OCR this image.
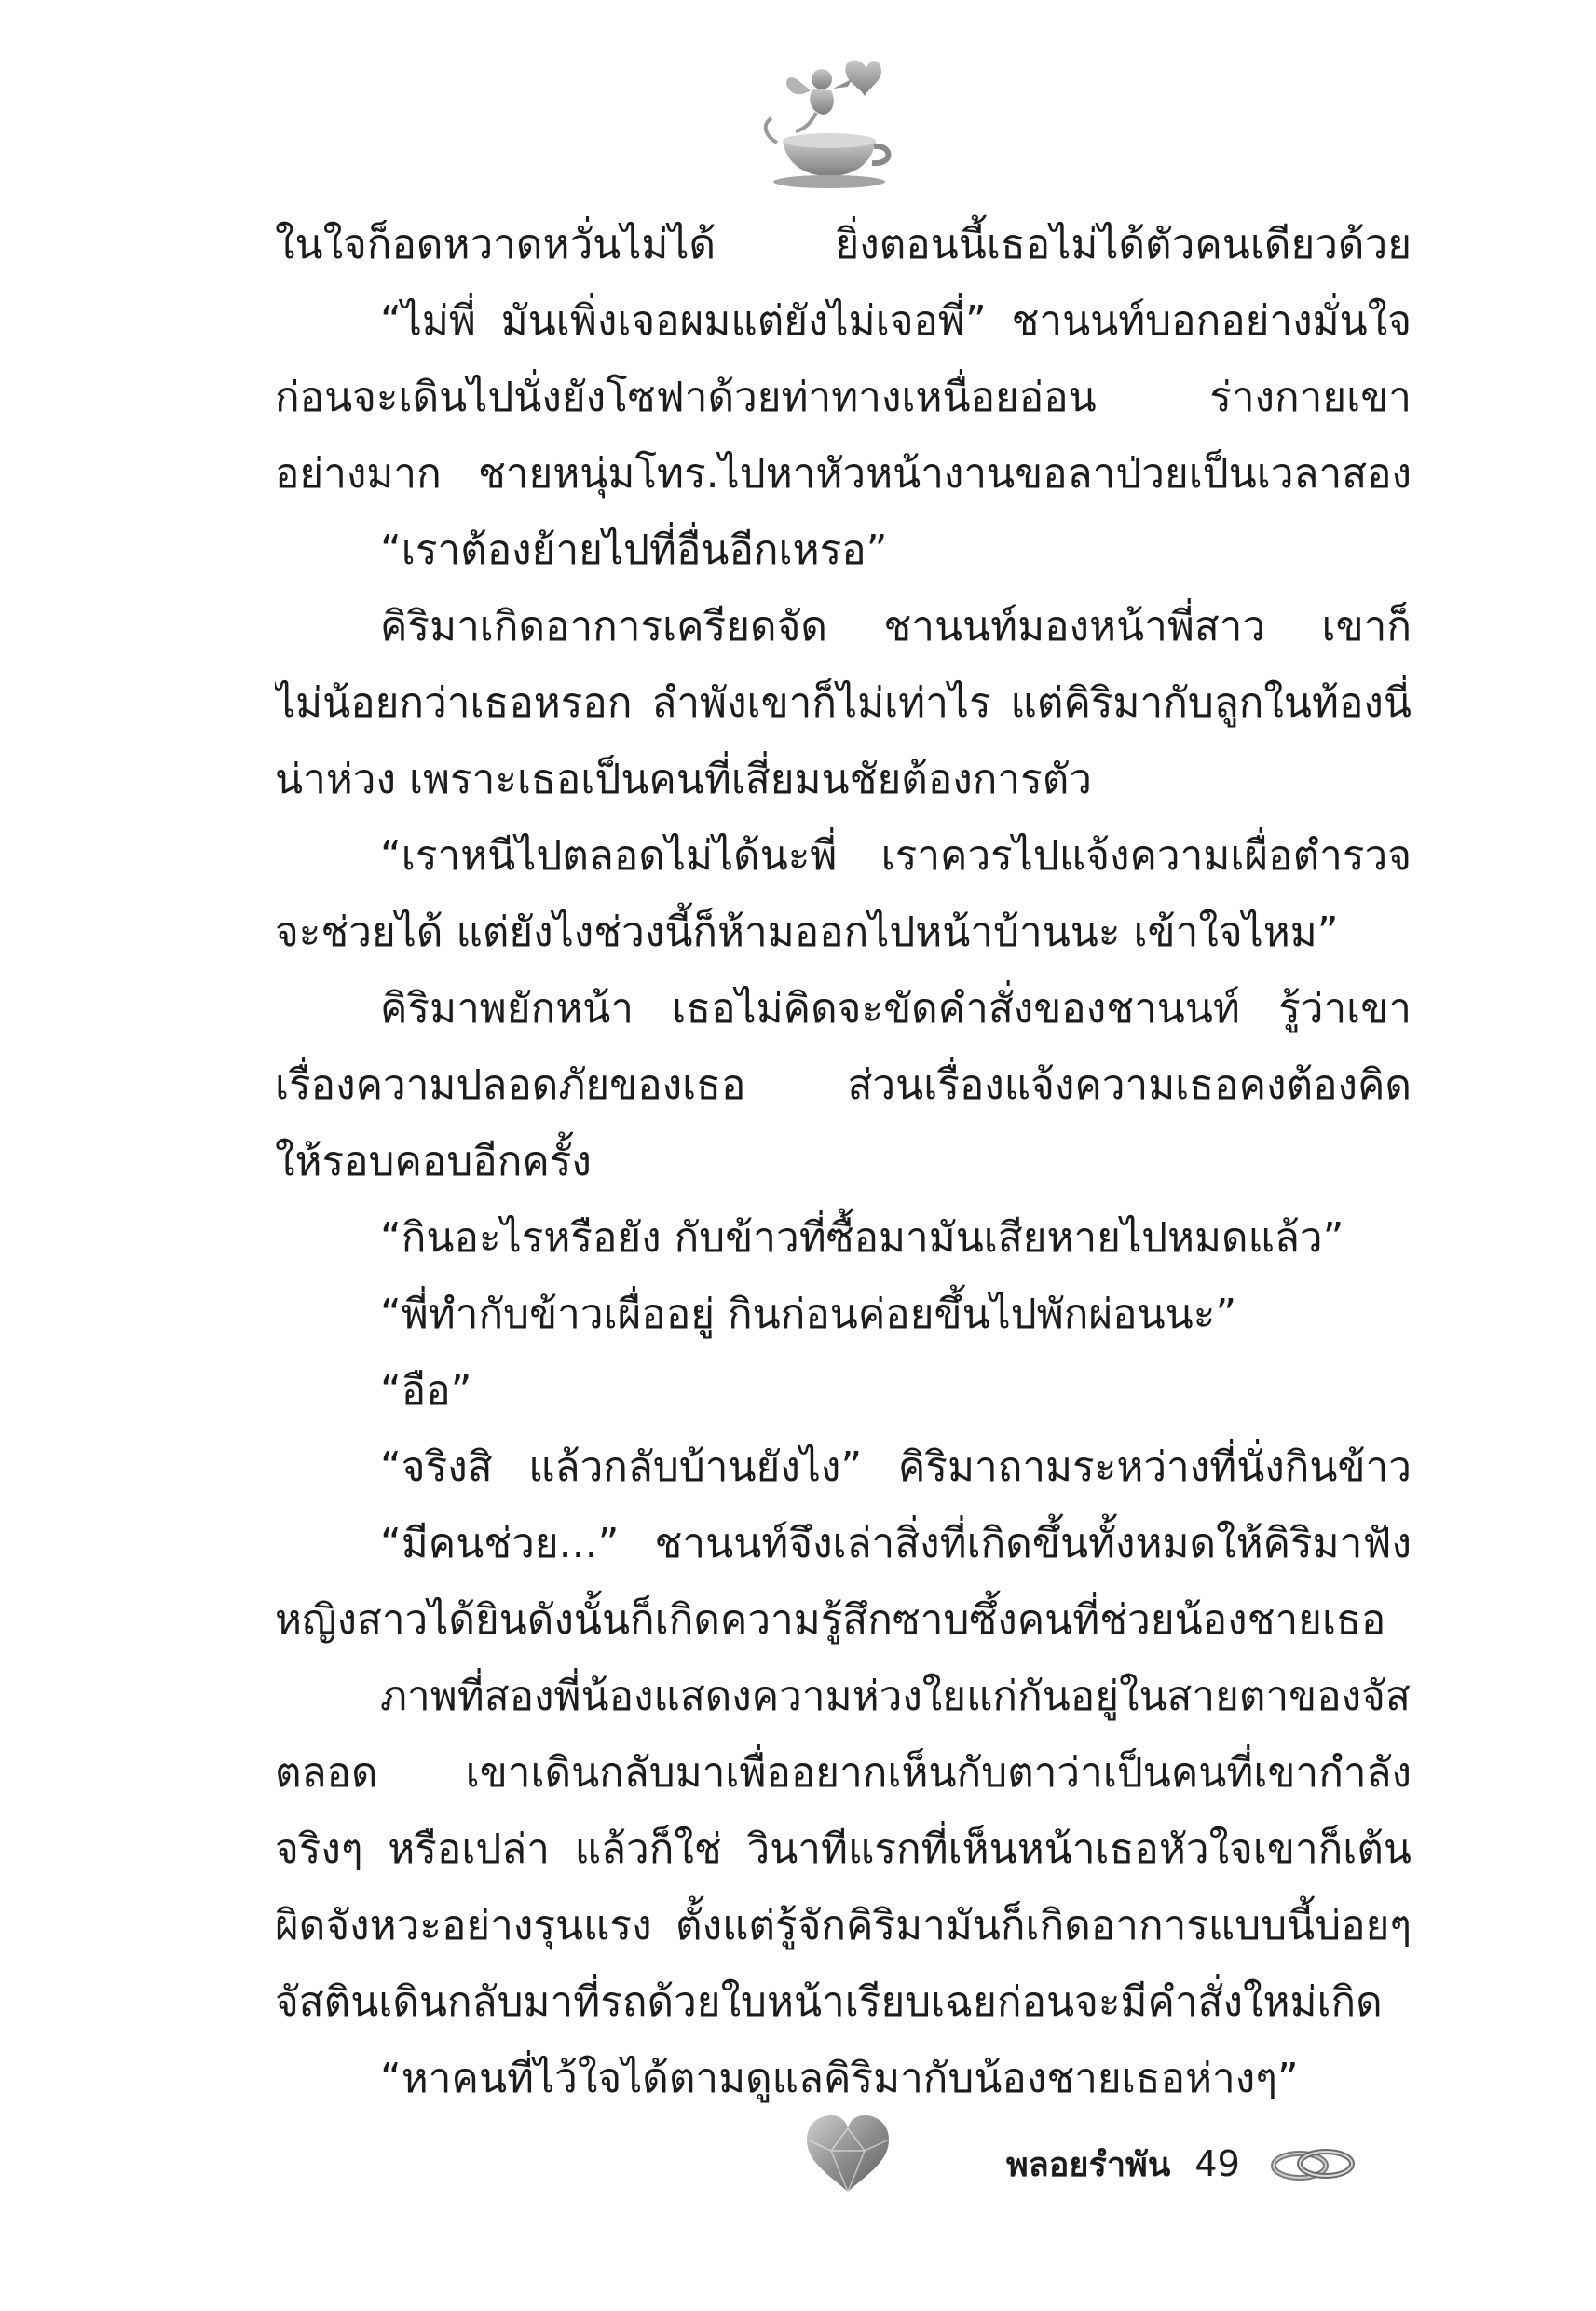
ในใจก็อดหวาดหวั่นไม่ได้ ยิ่งตอนนี้เธอไม่ได้ตัวคนเดียวด้วย
“ไม่พี่ มันเพิ่งเจอผมแต่ยังไม่เจอพี่” ชานนท์บอกอย่างมั่นใจ
ก่อนจะเดินไปนั่งยังโซฟาด้วยท่าทางเหนื่อยอ่อน ร่างกายเขา
อย่างมาก ชายหนุ่มโทร.ไปหาหัวหน้างานขอลาป่วยเป็นเวลาสอง
“เราต้องย้ายไปที่อื่นอีกเหรอ”
คิริมาเกิดอาการเครียดจัด ชานนท์มองหน้าพี่สาว เขาก็
ไม่น้อยกว่าเธอหรอก ลำพังเขาก็ไม่เท่าไร แต่คิริมากับลูกในท้องนี่
น่าห่วง เพราะเธอเป็นคนที่เสี่ยมนชัยต้องการตัว
“เราหนีไปตลอดไม่ได้นะพี่ เราควรไปแจ้งความเผื่อตำรวจ
จะช่วยได้ แต่ยังไงช่วงนี้ก็ห้ามออกไปหน้าบ้านนะ เข้าใจไหม”
คิริมาพยักหน้า เธอไม่คิดจะขัดคำสั่งของชานนท์ รู้ว่าเขา
เรื่องความปลอดภัยของเธอ ส่วนเรื่องแจ้งความเธอคงต้องคิด
ให้รอบคอบอีกครั้ง
“กินอะไรหรือยัง กับข้าวที่ซื้อมามันเสียหายไปหมดแล้ว”
“พี่ทำกับข้าวเผื่ออยู่ กินก่อนค่อยขึ้นไปพักผ่อนนะ”
“อือ”
“จริงสิ แล้วกลับบ้านยังไง” คิริมาถามระหว่างที่นั่งกินข้าว
“มีคนช่วย...” ชานนท์จึงเล่าสิ่งที่เกิดขึ้นทั้งหมดให้คิริมาฟัง
หญิงสาวได้ยินดังนั้นก็เกิดความรู้สึกซาบซึ้งคนที่ช่วยน้องชายเธอ
ภาพที่สองพี่น้องแสดงความห่วงใยแก่กันอยู่ในสายตาของจัส
ตลอด เขาเดินกลับมาเพื่ออยากเห็นกับตาว่าเป็นคนที่เขากำลัง
จริงๆ หรือเปล่า แล้วก็ใช่ วินาทีแรกที่เห็นหน้าเธอหัวใจเขาก็เต้น
ผิดจังหวะอย่างรุนแรง ตั้งแต่รู้จักคิริมามันก็เกิดอาการแบบนี้บ่อยๆ
จัสตินเดินกลับมาที่รถด้วยใบหน้าเรียบเฉยก่อนจะมีคำสั่งใหม่เกิด
“หาคนที่ไว้ใจได้ตามดูแลคิริมากับน้องชายเธอห่างๆ”
พลอยรำพัน 49
